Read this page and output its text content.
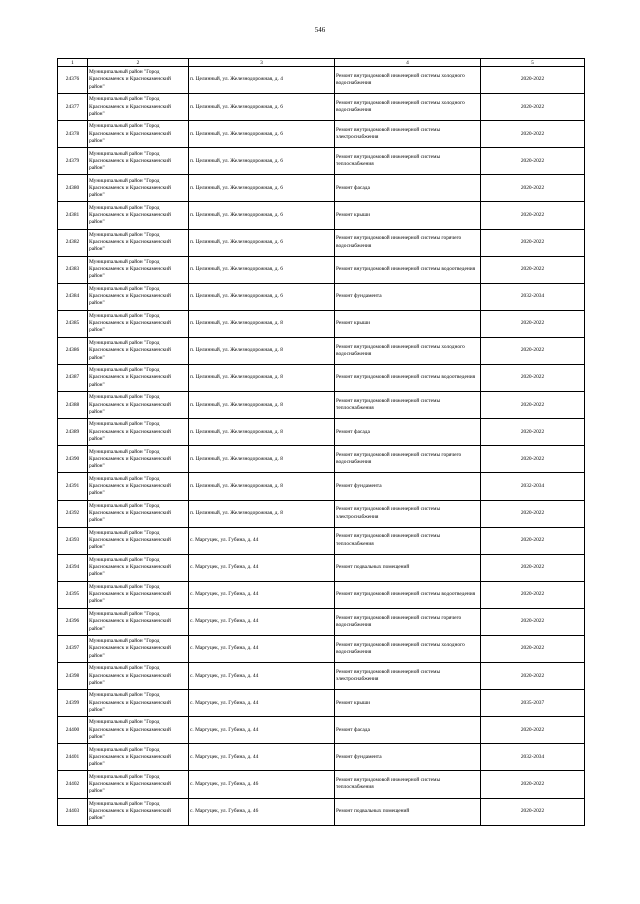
546
1	2	3	4	5
24376	Муниципальный район "Город Краснокаменск и Краснокаменский район"	п. Целинный, ул. Железнодорожная, д. 4	Ремонт внутридомовой инженерной системы холодного водоснабжения	2020-2022
24377	Муниципальный район "Город Краснокаменск и Краснокаменский район"	п. Целинный, ул. Железнодорожная, д. 6	Ремонт внутридомовой инженерной системы холодного водоснабжения	2020-2022
24378	Муниципальный район "Город Краснокаменск и Краснокаменский район"	п. Целинный, ул. Железнодорожная, д. 6	Ремонт внутридомовой инженерной системы электроснабжения	2020-2022
24379	Муниципальный район "Город Краснокаменск и Краснокаменский район"	п. Целинный, ул. Железнодорожная, д. 6	Ремонт внутридомовой инженерной системы теплоснабжения	2020-2022
24380	Муниципальный район "Город Краснокаменск и Краснокаменский район"	п. Целинный, ул. Железнодорожная, д. 6	Ремонт фасада	2020-2022
24381	Муниципальный район "Город Краснокаменск и Краснокаменский район"	п. Целинный, ул. Железнодорожная, д. 6	Ремонт крыши	2020-2022
24382	Муниципальный район "Город Краснокаменск и Краснокаменский район"	п. Целинный, ул. Железнодорожная, д. 6	Ремонт внутридомовой инженерной системы горячего водоснабжения	2020-2022
24383	Муниципальный район "Город Краснокаменск и Краснокаменский район"	п. Целинный, ул. Железнодорожная, д. 6	Ремонт внутридомовой инженерной системы водоотведения	2020-2022
24384	Муниципальный район "Город Краснокаменск и Краснокаменский район"	п. Целинный, ул. Железнодорожная, д. 6	Ремонт фундамента	2032-2034
24385	Муниципальный район "Город Краснокаменск и Краснокаменский район"	п. Целинный, ул. Железнодорожная, д. 8	Ремонт крыши	2020-2022
24386	Муниципальный район "Город Краснокаменск и Краснокаменский район"	п. Целинный, ул. Железнодорожная, д. 8	Ремонт внутридомовой инженерной системы холодного водоснабжения	2020-2022
24387	Муниципальный район "Город Краснокаменск и Краснокаменский район"	п. Целинный, ул. Железнодорожная, д. 8	Ремонт внутридомовой инженерной системы водоотведения	2020-2022
24388	Муниципальный район "Город Краснокаменск и Краснокаменский район"	п. Целинный, ул. Железнодорожная, д. 8	Ремонт внутридомовой инженерной системы теплоснабжения	2020-2022
24389	Муниципальный район "Город Краснокаменск и Краснокаменский район"	п. Целинный, ул. Железнодорожная, д. 8	Ремонт фасада	2020-2022
24390	Муниципальный район "Город Краснокаменск и Краснокаменский район"	п. Целинный, ул. Железнодорожная, д. 8	Ремонт внутридомовой инженерной системы горячего водоснабжения	2020-2022
24391	Муниципальный район "Город Краснокаменск и Краснокаменский район"	п. Целинный, ул. Железнодорожная, д. 8	Ремонт фундамента	2032-2034
24392	Муниципальный район "Город Краснокаменск и Краснокаменский район"	п. Целинный, ул. Железнодорожная, д. 8	Ремонт внутридомовой инженерной системы электроснабжения	2020-2022
24393	Муниципальный район "Город Краснокаменск и Краснокаменский район"	с. Маргуцек, ул. Губина, д. 44	Ремонт внутридомовой инженерной системы теплоснабжения	2020-2022
24394	Муниципальный район "Город Краснокаменск и Краснокаменский район"	с. Маргуцек, ул. Губина, д. 44	Ремонт подвальных помещений	2020-2022
24395	Муниципальный район "Город Краснокаменск и Краснокаменский район"	с. Маргуцек, ул. Губина, д. 44	Ремонт внутридомовой инженерной системы водоотведения	2020-2022
24396	Муниципальный район "Город Краснокаменск и Краснокаменский район"	с. Маргуцек, ул. Губина, д. 44	Ремонт внутридомовой инженерной системы горячего водоснабжения	2020-2022
24397	Муниципальный район "Город Краснокаменск и Краснокаменский район"	с. Маргуцек, ул. Губина, д. 44	Ремонт внутридомовой инженерной системы холодного водоснабжения	2020-2022
24398	Муниципальный район "Город Краснокаменск и Краснокаменский район"	с. Маргуцек, ул. Губина, д. 44	Ремонт внутридомовой инженерной системы электроснабжения	2020-2022
24399	Муниципальный район "Город Краснокаменск и Краснокаменский район"	с. Маргуцек, ул. Губина, д. 44	Ремонт крыши	2035-2037
24400	Муниципальный район "Город Краснокаменск и Краснокаменский район"	с. Маргуцек, ул. Губина, д. 44	Ремонт фасада	2020-2022
24401	Муниципальный район "Город Краснокаменск и Краснокаменский район"	с. Маргуцек, ул. Губина, д. 44	Ремонт фундамента	2032-2034
24402	Муниципальный район "Город Краснокаменск и Краснокаменский район"	с. Маргуцек, ул. Губина, д. 46	Ремонт внутридомовой инженерной системы теплоснабжения	2020-2022
24403	Муниципальный район "Город Краснокаменск и Краснокаменский район"	с. Маргуцек, ул. Губина, д. 46	Ремонт подвальных помещений	2020-2022
